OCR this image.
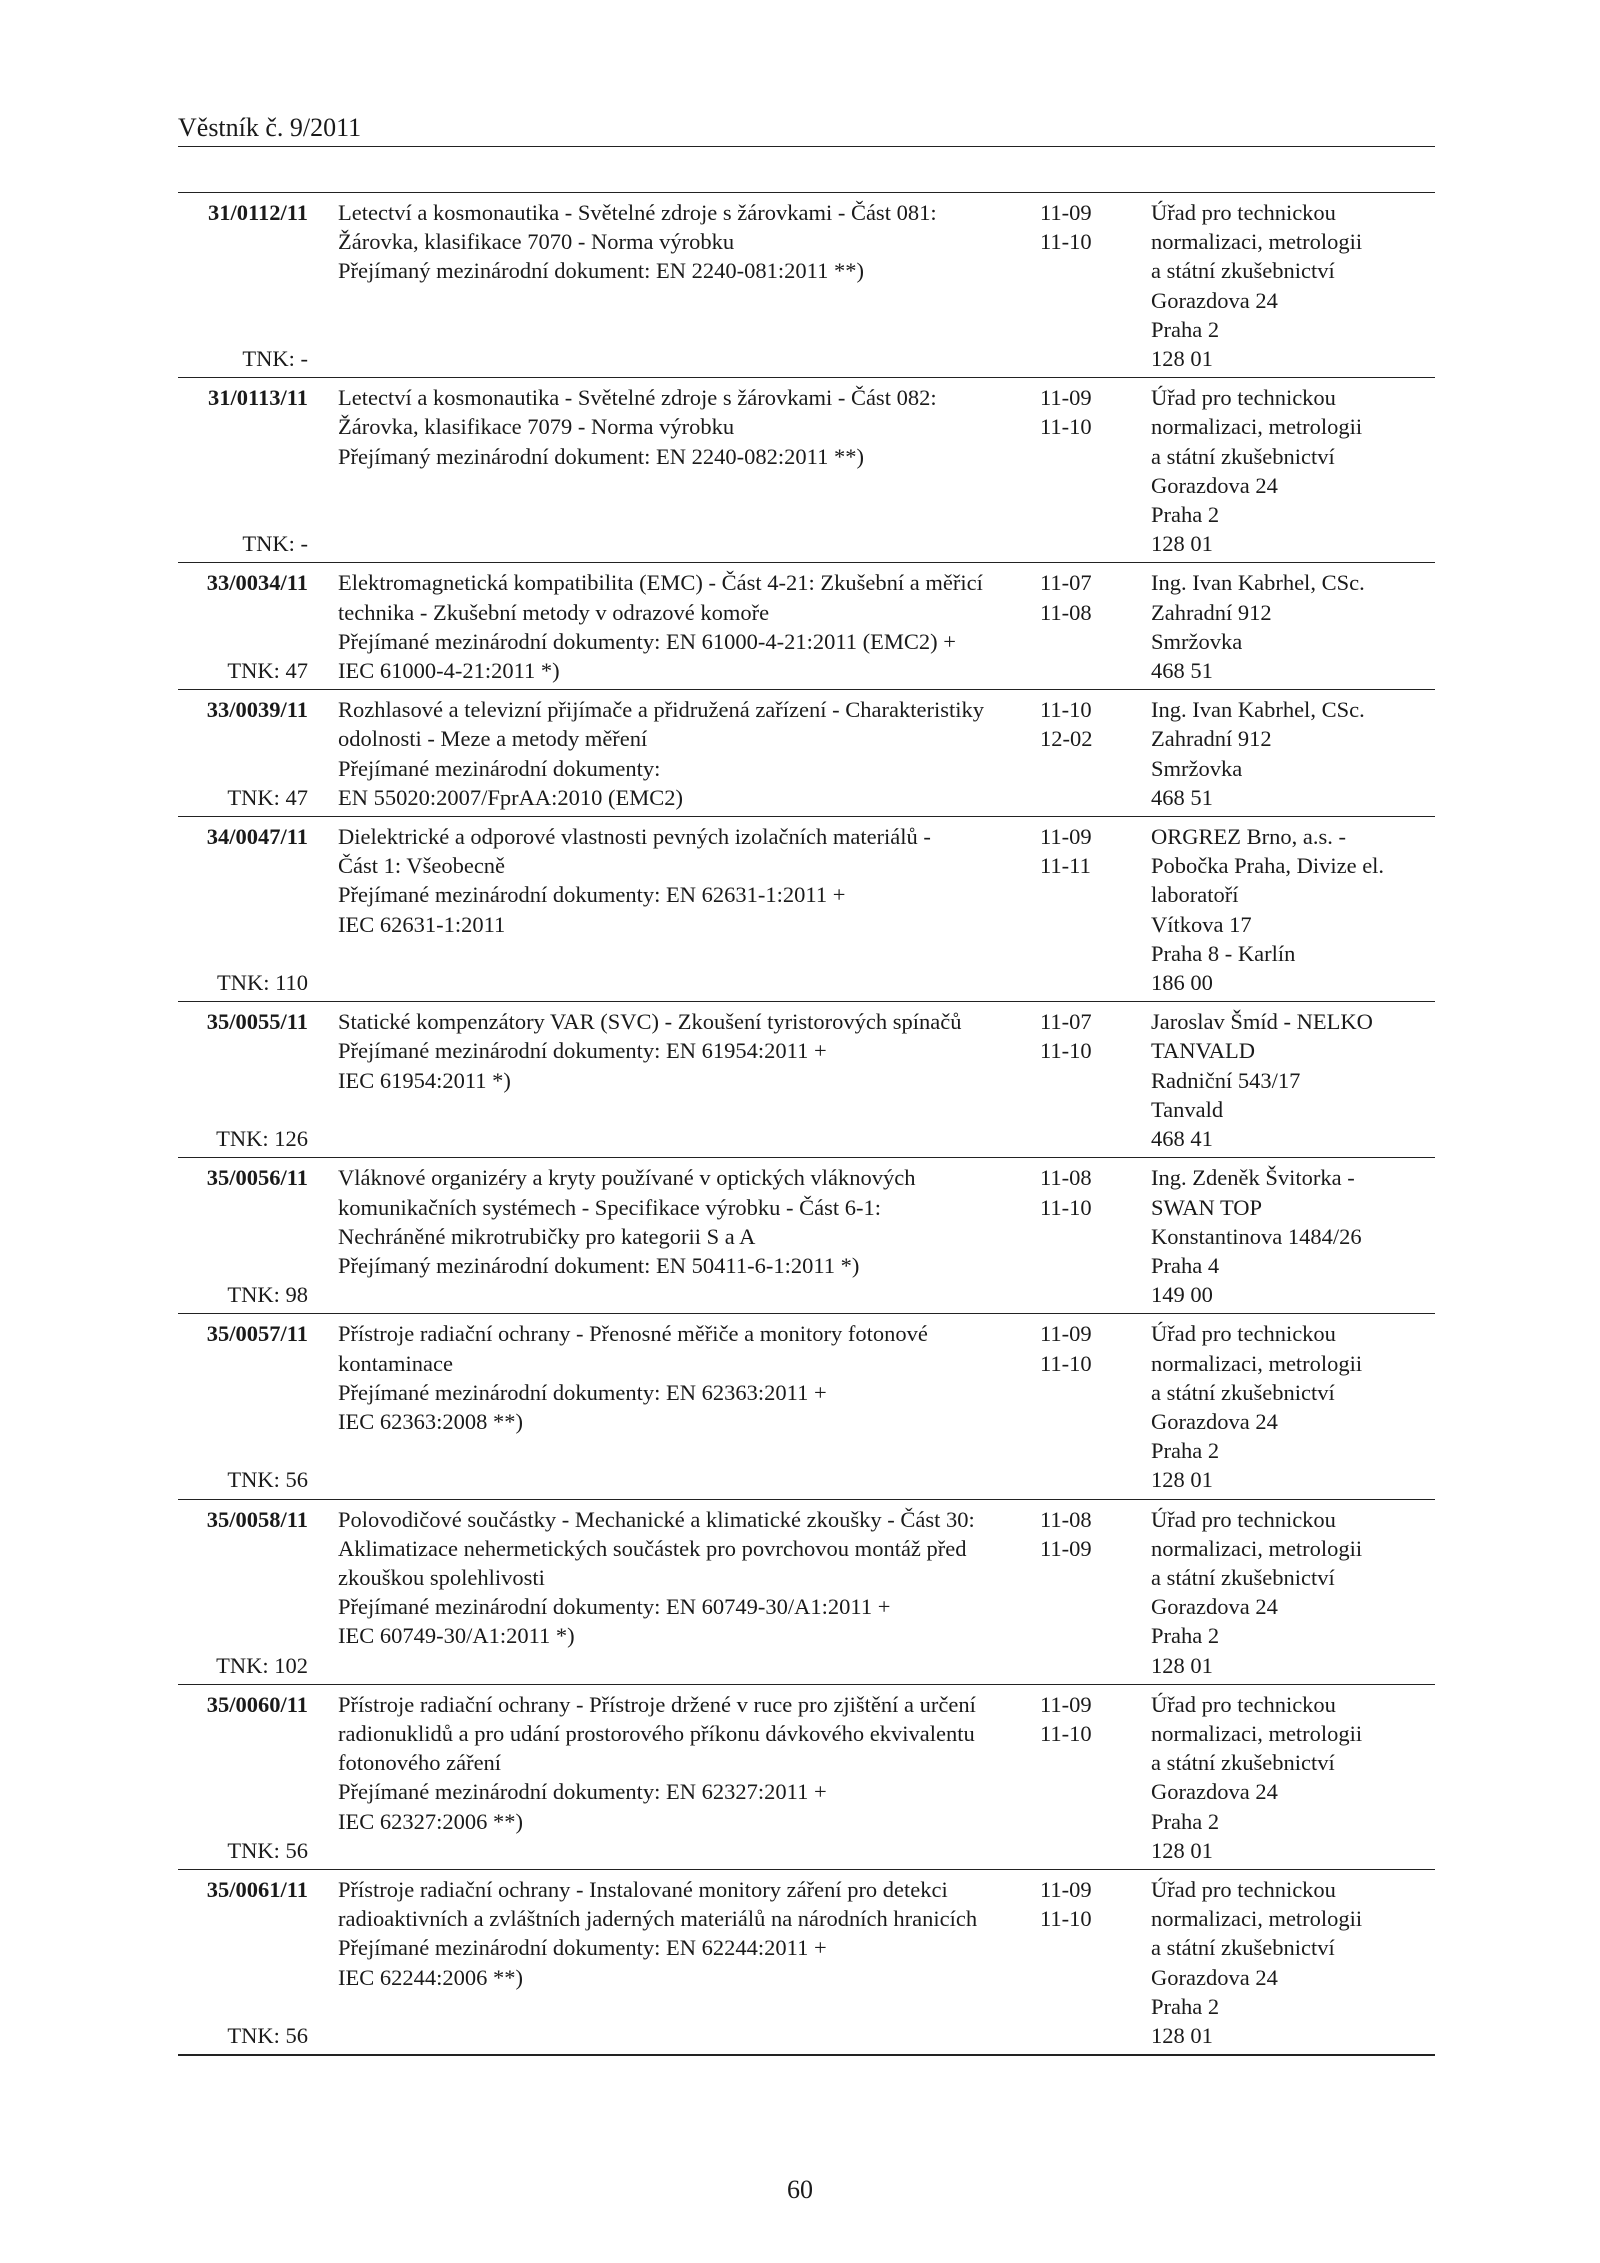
Věstník č. 9/2011
31/0112/11
TNK: -
Letectví a kosmonautika - Světelné zdroje s žárovkami - Část 081:
Žárovka, klasifikace 7070 - Norma výrobku
Přejímaný mezinárodní dokument: EN 2240-081:2011 **)
11-09
11-10
Úřad pro technickou
normalizaci, metrologii
a státní zkušebnictví
Gorazdova 24
Praha 2
128 01
31/0113/11
TNK: -
Letectví a kosmonautika - Světelné zdroje s žárovkami - Část 082:
Žárovka, klasifikace 7079 - Norma výrobku
Přejímaný mezinárodní dokument: EN 2240-082:2011 **)
11-09
11-10
Úřad pro technickou
normalizaci, metrologii
a státní zkušebnictví
Gorazdova 24
Praha 2
128 01
33/0034/11
TNK: 47
Elektromagnetická kompatibilita (EMC) - Část 4-21: Zkušební a měřicí
technika - Zkušební metody v odrazové komoře
Přejímané mezinárodní dokumenty: EN 61000-4-21:2011 (EMC2) +
IEC 61000-4-21:2011 *)
11-07
11-08
Ing. Ivan Kabrhel, CSc.
Zahradní 912
Smržovka
468 51
33/0039/11
TNK: 47
Rozhlasové a televizní přijímače a přidružená zařízení - Charakteristiky
odolnosti - Meze a metody měření
Přejímané mezinárodní dokumenty:
EN 55020:2007/FprAA:2010 (EMC2)
11-10
12-02
Ing. Ivan Kabrhel, CSc.
Zahradní 912
Smržovka
468 51
34/0047/11
TNK: 110
Dielektrické a odporové vlastnosti pevných izolačních materiálů -
Část 1: Všeobecně
Přejímané mezinárodní dokumenty: EN 62631-1:2011 +
IEC 62631-1:2011
11-09
11-11
ORGREZ Brno, a.s. -
Pobočka Praha, Divize el.
laboratoří
Vítkova 17
Praha 8 - Karlín
186 00
35/0055/11
TNK: 126
Statické kompenzátory VAR (SVC) - Zkoušení tyristorových spínačů
Přejímané mezinárodní dokumenty: EN 61954:2011 +
IEC 61954:2011 *)
11-07
11-10
Jaroslav Šmíd - NELKO
TANVALD
Radniční 543/17
Tanvald
468 41
35/0056/11
TNK: 98
Vláknové organizéry a kryty používané v optických vláknových
komunikačních systémech - Specifikace výrobku - Část 6-1:
Nechráněné mikrotrubičky pro kategorii S a A
Přejímaný mezinárodní dokument: EN 50411-6-1:2011 *)
11-08
11-10
Ing. Zdeněk Švitorka -
SWAN TOP
Konstantinova 1484/26
Praha 4
149 00
35/0057/11
TNK: 56
Přístroje radiační ochrany - Přenosné měřiče a monitory fotonové
kontaminace
Přejímané mezinárodní dokumenty: EN 62363:2011 +
IEC 62363:2008 **)
11-09
11-10
Úřad pro technickou
normalizaci, metrologii
a státní zkušebnictví
Gorazdova 24
Praha 2
128 01
35/0058/11
TNK: 102
Polovodičové součástky - Mechanické a klimatické zkoušky - Část 30:
Aklimatizace nehermetických součástek pro povrchovou montáž před
zkouškou spolehlivosti
Přejímané mezinárodní dokumenty: EN 60749-30/A1:2011 +
IEC 60749-30/A1:2011 *)
11-08
11-09
Úřad pro technickou
normalizaci, metrologii
a státní zkušebnictví
Gorazdova 24
Praha 2
128 01
35/0060/11
TNK: 56
Přístroje radiační ochrany - Přístroje držené v ruce pro zjištění a určení
radionuklidů a pro udání prostorového příkonu dávkového ekvivalentu
fotonového záření
Přejímané mezinárodní dokumenty: EN 62327:2011 +
IEC 62327:2006 **)
11-09
11-10
Úřad pro technickou
normalizaci, metrologii
a státní zkušebnictví
Gorazdova 24
Praha 2
128 01
35/0061/11
TNK: 56
Přístroje radiační ochrany - Instalované monitory záření pro detekci
radioaktivních a zvláštních jaderných materiálů na národních hranicích
Přejímané mezinárodní dokumenty: EN 62244:2011 +
IEC 62244:2006 **)
11-09
11-10
Úřad pro technickou
normalizaci, metrologii
a státní zkušebnictví
Gorazdova 24
Praha 2
128 01
60
